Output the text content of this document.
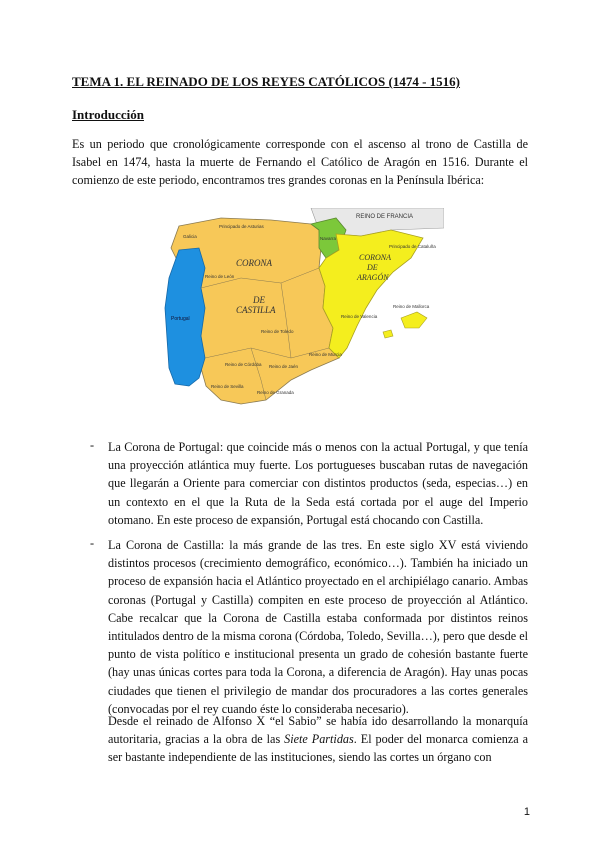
TEMA 1. EL REINADO DE LOS REYES CATÓLICOS (1474 - 1516)
Introducción
Es un periodo que cronológicamente corresponde con el ascenso al trono de Castilla de Isabel en 1474, hasta la muerte de Fernando el Católico de Aragón en 1516. Durante el comienzo de este periodo, encontramos tres grandes coronas en la Península Ibérica:
REINO DE FRANCIA
CORONA
DE
CASTILLA
CORONA
DE
ARAGÓN
Portugal
Galicia
Principado de Asturias
Reino de León
Navarra
Principado de Cataluña
Reino de Valencia
Reino de Mallorca
Reino de Toledo
Reino de Murcia
Reino de Córdoba Reino de Jaén
Reino de Sevilla
Reino de Granada
- La Corona de Portugal: que coincide más o menos con la actual Portugal, y que tenía una proyección atlántica muy fuerte. Los portugueses buscaban rutas de navegación que llegarán a Oriente para comerciar con distintos productos (seda, especias…) en un contexto en el que la Ruta de la Seda está cortada por el auge del Imperio otomano. En este proceso de expansión, Portugal está chocando con Castilla.
- La Corona de Castilla: la más grande de las tres. En este siglo XV está viviendo distintos procesos (crecimiento demográfico, económico…). También ha iniciado un proceso de expansión hacia el Atlántico proyectado en el archipiélago canario. Ambas coronas (Portugal y Castilla) compiten en este proceso de proyección al Atlántico. Cabe recalcar que la Corona de Castilla estaba conformada por distintos reinos intitulados dentro de la misma corona (Córdoba, Toledo, Sevilla…), pero que desde el punto de vista político e institucional presenta un grado de cohesión bastante fuerte (hay unas únicas cortes para toda la Corona, a diferencia de Aragón). Hay unas pocas ciudades que tienen el privilegio de mandar dos procuradores a las cortes generales (convocadas por el rey cuando éste lo consideraba necesario).
Desde el reinado de Alfonso X “el Sabio” se había ido desarrollando la monarquía autoritaria, gracias a la obra de las Siete Partidas. El poder del monarca comienza a ser bastante independiente de las instituciones, siendo las cortes un órgano con
1
